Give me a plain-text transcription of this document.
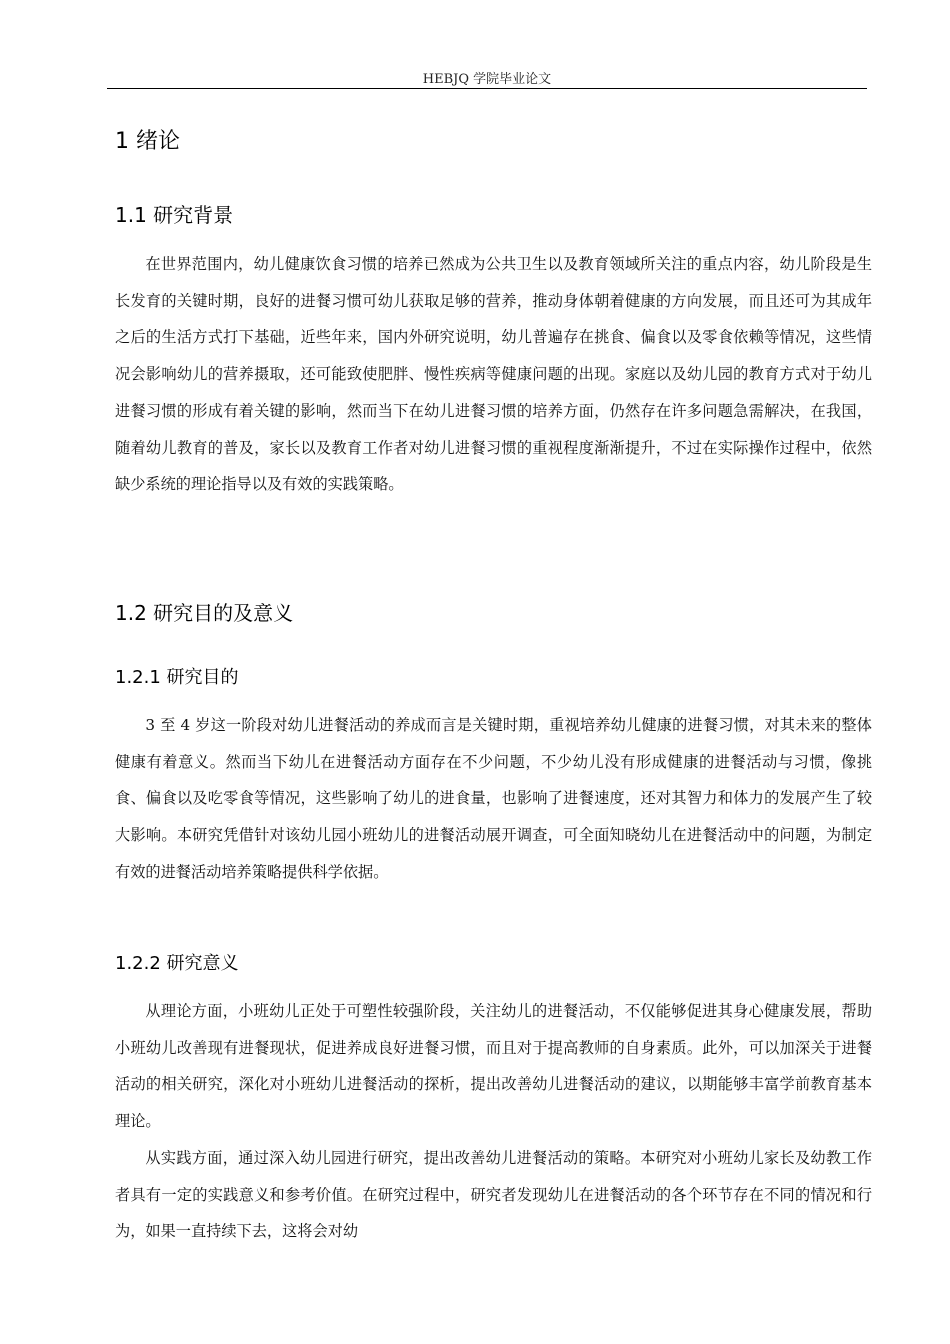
HEBJQ 学院毕业论文
1 绪论
1.1 研究背景

在世界范围内，幼儿健康饮食习惯的培养已然成为公共卫生以及教育领域所关注的重点内容，幼儿阶段是生长发育的关键时期，良好的进餐习惯可幼儿获取足够的营养，推动身体朝着健康的方向发展，而且还可为其成年之后的生活方式打下基础，近些年来，国内外研究说明，幼儿普遍存在挑食、偏食以及零食依赖等情况，这些情况会影响幼儿的营养摄取，还可能致使肥胖、慢性疾病等健康问题的出现。家庭以及幼儿园的教育方式对于幼儿进餐习惯的形成有着关键的影响，然而当下在幼儿进餐习惯的培养方面，仍然存在许多问题急需解决，在我国，随着幼儿教育的普及，家长以及教育工作者对幼儿进餐习惯的重视程度渐渐提升，不过在实际操作过程中，依然缺少系统的理论指导以及有效的实践策略。

1.2 研究目的及意义
1.2.1 研究目的

3 至 4 岁这一阶段对幼儿进餐活动的养成而言是关键时期，重视培养幼儿健康的进餐习惯，对其未来的整体健康有着意义。然而当下幼儿在进餐活动方面存在不少问题，不少幼儿没有形成健康的进餐活动与习惯，像挑食、偏食以及吃零食等情况，这些影响了幼儿的进食量，也影响了进餐速度，还对其智力和体力的发展产生了较大影响。本研究凭借针对该幼儿园小班幼儿的进餐活动展开调查，可全面知晓幼儿在进餐活动中的问题，为制定有效的进餐活动培养策略提供科学依据。

1.2.2 研究意义

从理论方面，小班幼儿正处于可塑性较强阶段，关注幼儿的进餐活动，不仅能够促进其身心健康发展，帮助小班幼儿改善现有进餐现状，促进养成良好进餐习惯，而且对于提高教师的自身素质。此外，可以加深关于进餐活动的相关研究，深化对小班幼儿进餐活动的探析，提出改善幼儿进餐活动的建议，以期能够丰富学前教育基本理论。

从实践方面，通过深入幼儿园进行研究，提出改善幼儿进餐活动的策略。本研究对小班幼儿家长及幼教工作者具有一定的实践意义和参考价值。在研究过程中，研究者发现幼儿在进餐活动的各个环节存在不同的情况和行为，如果一直持续下去，这将会对幼
